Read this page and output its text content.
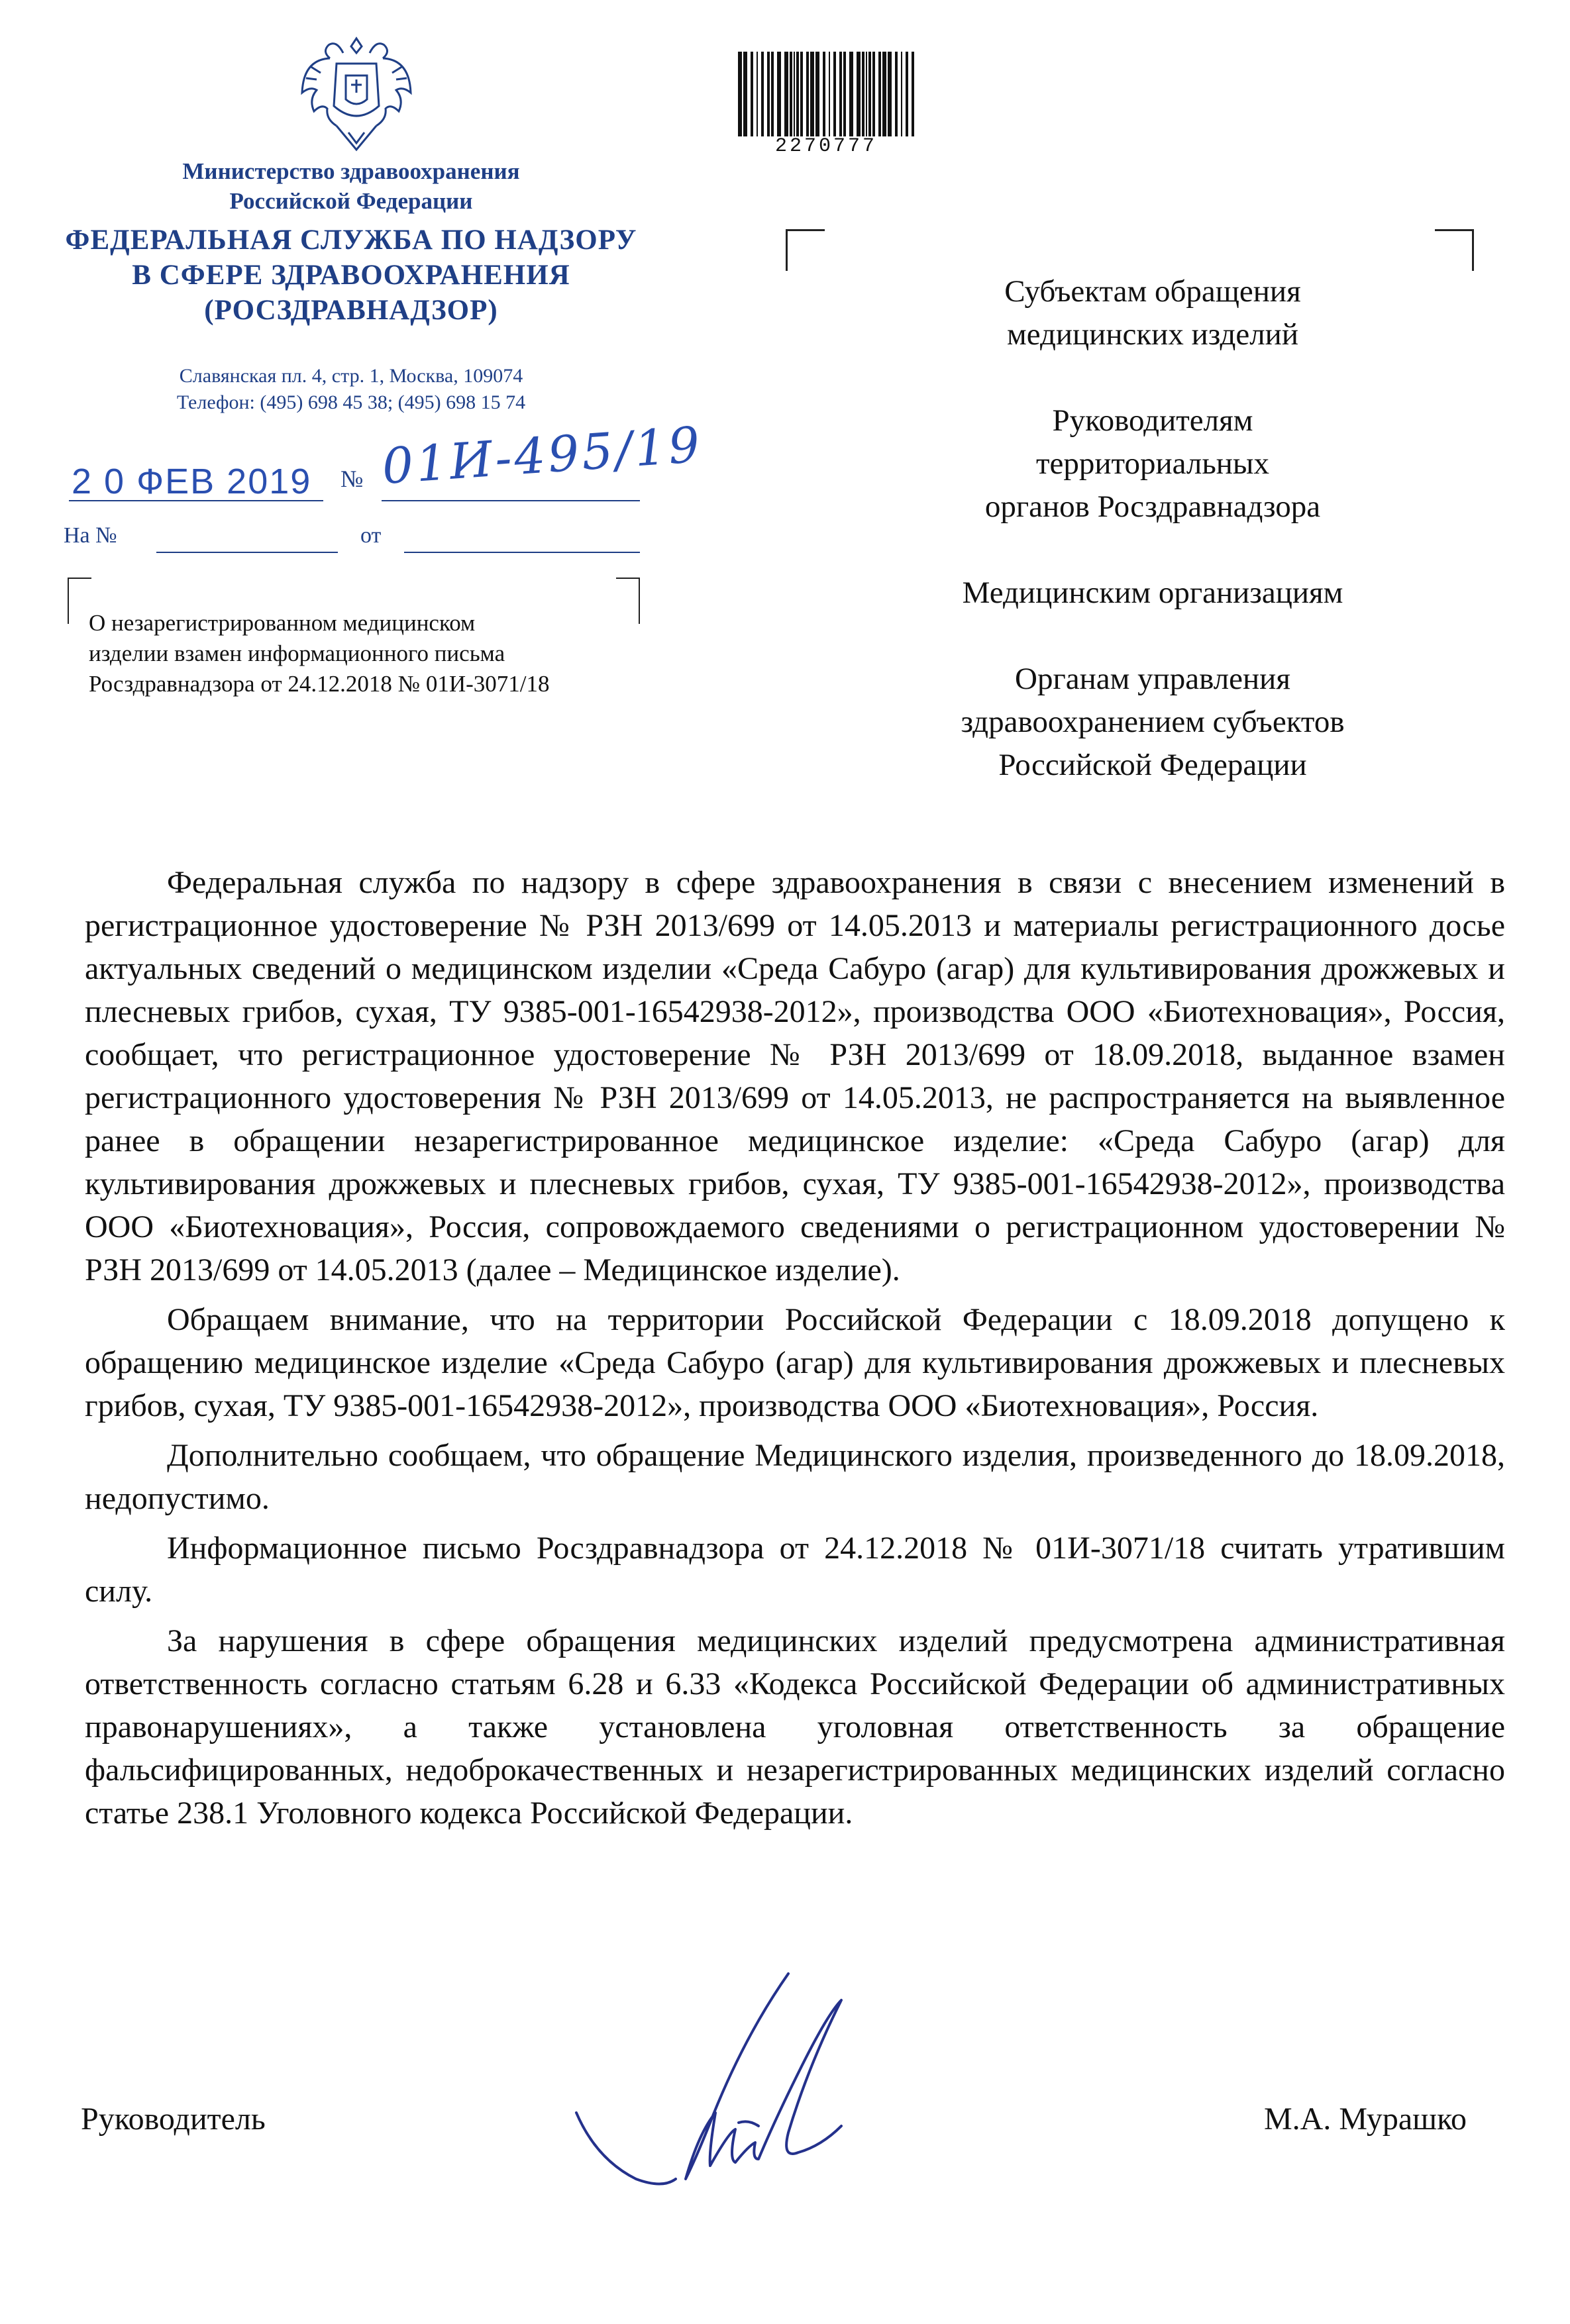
Министерство здравоохранения
Российской Федерации
ФЕДЕРАЛЬНАЯ СЛУЖБА ПО НАДЗОРУ
В СФЕРЕ ЗДРАВООХРАНЕНИЯ
(РОСЗДРАВНАДЗОР)
Славянская пл. 4, стр. 1, Москва, 109074
Телефон: (495) 698 45 38; (495) 698 15 74
2 0 ФЕВ 2019	№ 01И-495/19
На №	от
О незарегистрированном медицинском
изделии взамен информационного письма
Росздравнадзора от 24.12.2018 № 01И-3071/18
2270777
Субъектам обращения
медицинских изделий
Руководителям
территориальных
органов Росздравнадзора
Медицинским организациям
Органам управления
здравоохранением субъектов
Российской Федерации

Федеральная служба по надзору в сфере здравоохранения в связи с внесением изменений в регистрационное удостоверение № РЗН 2013/699 от 14.05.2013 и материалы регистрационного досье актуальных сведений о медицинском изделии «Среда Сабуро (агар) для культивирования дрожжевых и плесневых грибов, сухая, ТУ 9385-001-16542938-2012», производства ООО «Биотехновация», Россия, сообщает, что регистрационное удостоверение № РЗН 2013/699 от 18.09.2018, выданное взамен регистрационного удостоверения № РЗН 2013/699 от 14.05.2013, не распространяется на выявленное ранее в обращении незарегистрированное медицинское изделие: «Среда Сабуро (агар) для культивирования дрожжевых и плесневых грибов, сухая, ТУ 9385-001-16542938-2012», производства ООО «Биотехновация», Россия, сопровождаемого сведениями о регистрационном удостоверении № РЗН 2013/699 от 14.05.2013 (далее – Медицинское изделие).

Обращаем внимание, что на территории Российской Федерации с 18.09.2018 допущено к обращению медицинское изделие «Среда Сабуро (агар) для культивирования дрожжевых и плесневых грибов, сухая, ТУ 9385-001-16542938-2012», производства ООО «Биотехновация», Россия.

Дополнительно сообщаем, что обращение Медицинского изделия, произведенного до 18.09.2018, недопустимо.

Информационное письмо Росздравнадзора от 24.12.2018 № 01И-3071/18 считать утратившим силу.

За нарушения в сфере обращения медицинских изделий предусмотрена административная ответственность согласно статьям 6.28 и 6.33 «Кодекса Российской Федерации об административных правонарушениях», а также установлена уголовная ответственность за обращение фальсифицированных, недоброкачественных и незарегистрированных медицинских изделий согласно статье 238.1 Уголовного кодекса Российской Федерации.

Руководитель	М.А. Мурашко
